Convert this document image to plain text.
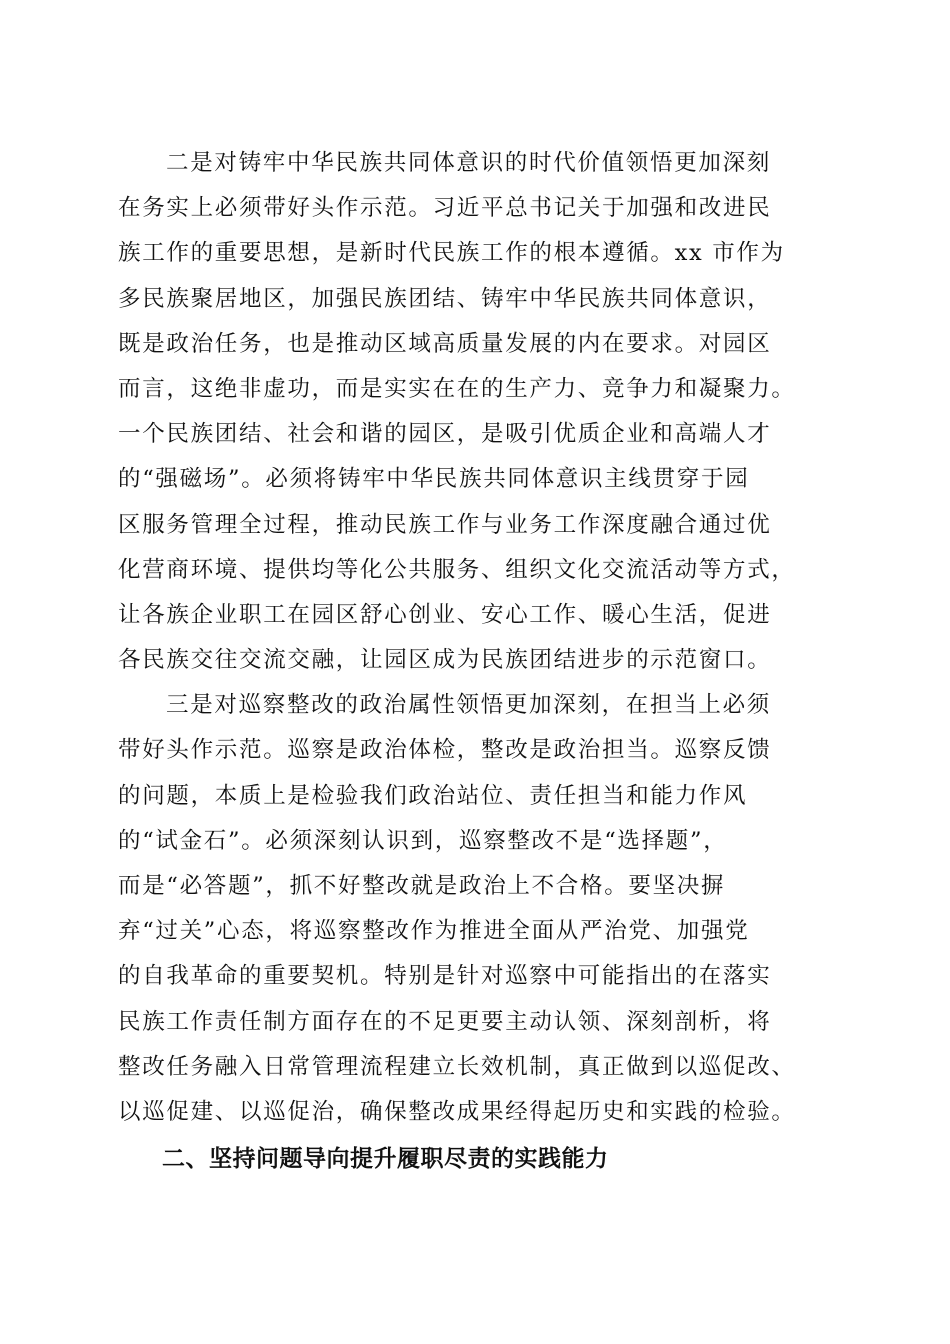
二是对铸牢中华民族共同体意识的时代价值领悟更加深刻
在务实上必须带好头作示范。习近平总书记关于加强和改进民
族工作的重要思想，是新时代民族工作的根本遵循。xx 市作为
多民族聚居地区，加强民族团结、铸牢中华民族共同体意识，
既是政治任务，也是推动区域高质量发展的内在要求。对园区
而言，这绝非虚功，而是实实在在的生产力、竞争力和凝聚力。
一个民族团结、社会和谐的园区，是吸引优质企业和高端人才
的“强磁场”。必须将铸牢中华民族共同体意识主线贯穿于园
区服务管理全过程，推动民族工作与业务工作深度融合通过优
化营商环境、提供均等化公共服务、组织文化交流活动等方式，
让各族企业职工在园区舒心创业、安心工作、暖心生活，促进
各民族交往交流交融，让园区成为民族团结进步的示范窗口。
三是对巡察整改的政治属性领悟更加深刻，在担当上必须
带好头作示范。巡察是政治体检，整改是政治担当。巡察反馈
的问题，本质上是检验我们政治站位、责任担当和能力作风
的“试金石”。必须深刻认识到，巡察整改不是“选择题”，
而是“必答题”，抓不好整改就是政治上不合格。要坚决摒
弃“过关”心态，将巡察整改作为推进全面从严治党、加强党
的自我革命的重要契机。特别是针对巡察中可能指出的在落实
民族工作责任制方面存在的不足更要主动认领、深刻剖析，将
整改任务融入日常管理流程建立长效机制，真正做到以巡促改、
以巡促建、以巡促治，确保整改成果经得起历史和实践的检验。
二、坚持问题导向提升履职尽责的实践能力
